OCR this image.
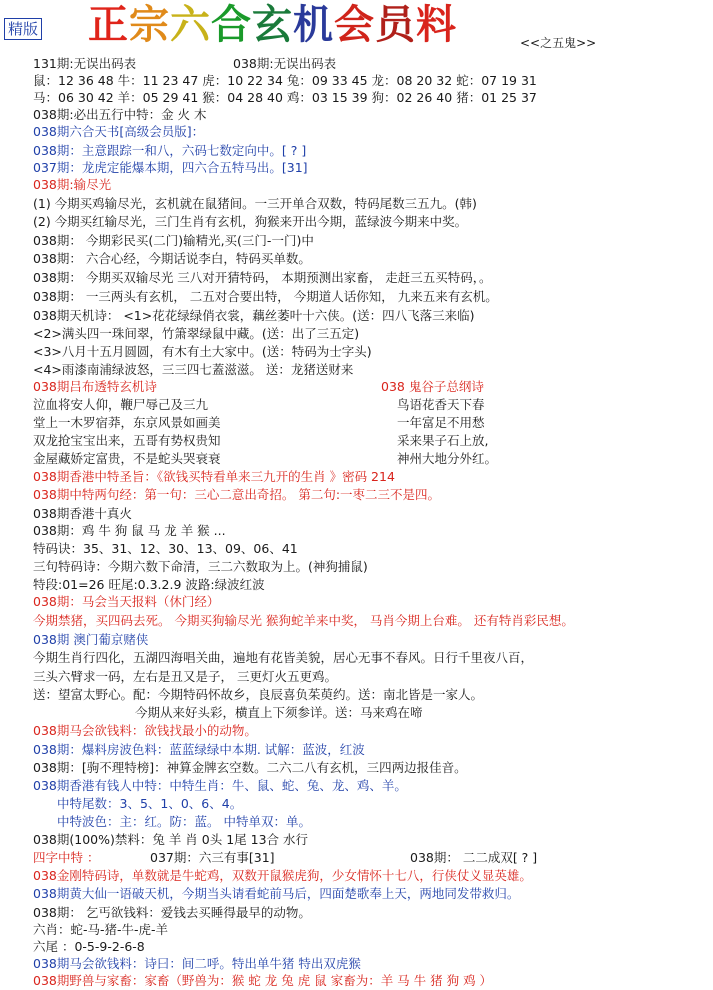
精版 正宗六合玄机会员料	<<之五鬼>>
131期:无误出码表	038期:无误出码表
鼠：12 36 48 牛：11 23 47 虎：10 22 34 兔：09 33 45 龙：08 20 32 蛇：07 19 31
马：06 30 42 羊：05 29 41 猴：04 28 40 鸡：03 15 39 狗：02 26 40 猪：01 25 37
038期:必出五行中特：金 火 木
038期六合天书[高级会员版]：
038期：主意跟踪一和八，六码七数定向中。[ ? ]
037期：龙虎定能爆本期，四六合五特马出。[31]
038期:输尽光
(1) 今期买鸡输尽光，玄机就在鼠猪间。一三开单合双数，特码尾数三五九。(韩)
(2) 今期买红输尽光，三门生肖有玄机，狗猴来开出今期，蓝绿波今期来中奖。
038期： 今期彩民买(二门)输精光,买(三门-一门)中
038期： 六合心经，今期话说李白，特码买单数。
038期： 今期买双输尽光 三八对开猜特码， 本期预测出家畜， 走赶三五买特码，。
038期： 一三两头有玄机， 二五对合要出特， 今期道人话你知， 九来五来有玄机。
038期天机诗： <1>花花绿绿俏衣裳，藕丝萎叶十六侠。(送：四八飞落三来临)
<2>满头四一珠间翠，竹箫翠绿鼠中藏。(送：出了三五定)
<3>八月十五月圆圆，有木有土大家中。(送：特码为士字头)
<4>雨漆南浦绿波怒，三三四七蓋滋滋。 送：龙猪送财来
038期吕布透特玄机诗	038 鬼谷子总纲诗
泣血将安人仰，鞭尸辱己及三九	鸟语花香天下春
堂上一木罗宿莽，东京风景如画美	一年富足不用愁
双龙抢宝宝出来，五哥有势权贵知	采来果子石上放,
金屋藏娇定富贵，不是蛇头哭衰衰	神州大地分外红。
038期香港中特圣旨：《欲钱买特看单来三九开的生肖 》密码 214
038期中特两句经：第一句：三心二意出奇招。 第二句:一枣二三不是四。
038期香港十真火
038期：鸡 牛 狗 鼠 马 龙 羊 猴 ...
特码诀：35、31、12、30、13、09、06、41
三句特码诗：今期六数下命清，三二六数取为上。(神狗捕鼠)
特段:01=26 旺尾:0.3.2.9 波路:绿波红波
038期：马会当天报料（休门经）
今期禁猪，买四码去死。 今期买狗输尽光 猴狗蛇羊来中奖， 马肖今期上台难。 还有特肖彩民想。
038期 澳门葡京赌侠
今期生肖行四化，五湖四海唱关曲，遍地有花皆美貌，居心无事不春风。日行千里夜八百，
三头六臂求一码，左右是丑又是子， 三更灯火五更鸡。
送：望富太野心。配：今期特码怀故乡，良辰喜负茱萸约。送：南北皆是一家人。
今期从来好头彩，横直上下须参详。送：马来鸡在啼
038期马会欲钱料：欲钱找最小的动物。
038期：爆料房波色料：蓝蓝绿绿中本期. 试解：蓝波，红波
038期：[驹不理特榜]：神算金牌玄空数。二六二八有玄机，三四两边报佳音。
038期香港有钱人中特：中特生肖：牛、鼠、蛇、兔、龙、鸡、羊。
中特尾数：3、5、1、0、6、4。
中特波色：主：红。防：蓝。 中特单双：单。
038期(100%)禁料：兔 羊 肖 0头 1尾 13合 水行
四字中特 ：	037期：六三有事[31]	038期： 二二成双[ ? ]
038金刚特码诗，单数就是牛蛇鸡，双数开鼠猴虎狗，少女情怀十七八，行侠仗义显英雄。
038期黄大仙一语破天机，今期当头请看蛇前马后，四面楚歌奉上天，两地同发带救归。
038期： 乞丐欲钱料：爱钱去买睡得最早的动物。
六肖：蛇-马-猪-牛-虎-羊
六尾 ：0-5-9-2-6-8
038期马会欲钱料：诗曰：间二呼。特出单牛猪 特出双虎猴
038期野兽与家畜：家畜（野兽为：猴 蛇 龙 兔 虎 鼠 家畜为：羊 马 牛 猪 狗 鸡 ）
